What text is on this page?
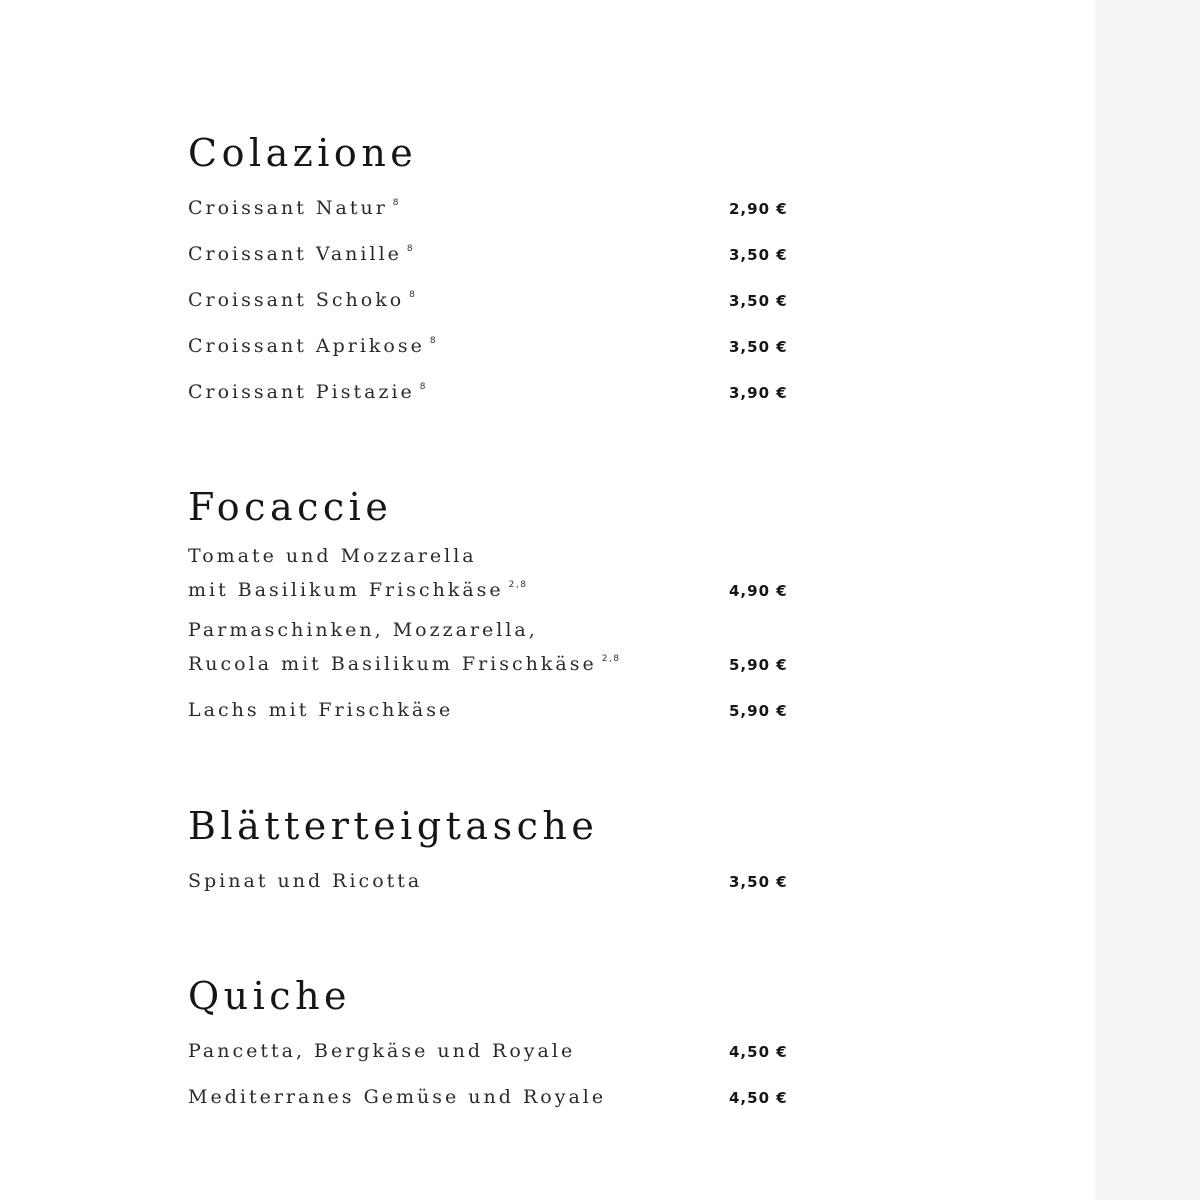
Colazione
Croissant Natur $^8$	2,90 €
Croissant Vanille $^8$	3,50 €
Croissant Schoko $^8$	3,50 €
Croissant Aprikose $^8$	3,50 €
Croissant Pistazie $^8$	3,90 €
Focaccie
Tomate und Mozzarella
mit Basilikum Frischkäse $^{2,8}$	4,90 €
Parmaschinken, Mozzarella,
Rucola mit Basilikum Frischkäse $^{2,8}$	5,90 €
Lachs mit Frischkäse	5,90 €
Blätterteigtasche
Spinat und Ricotta	3,50 €
Quiche
Pancetta, Bergkäse und Royale	4,50 €
Mediterranes Gemüse und Royale	4,50 €
